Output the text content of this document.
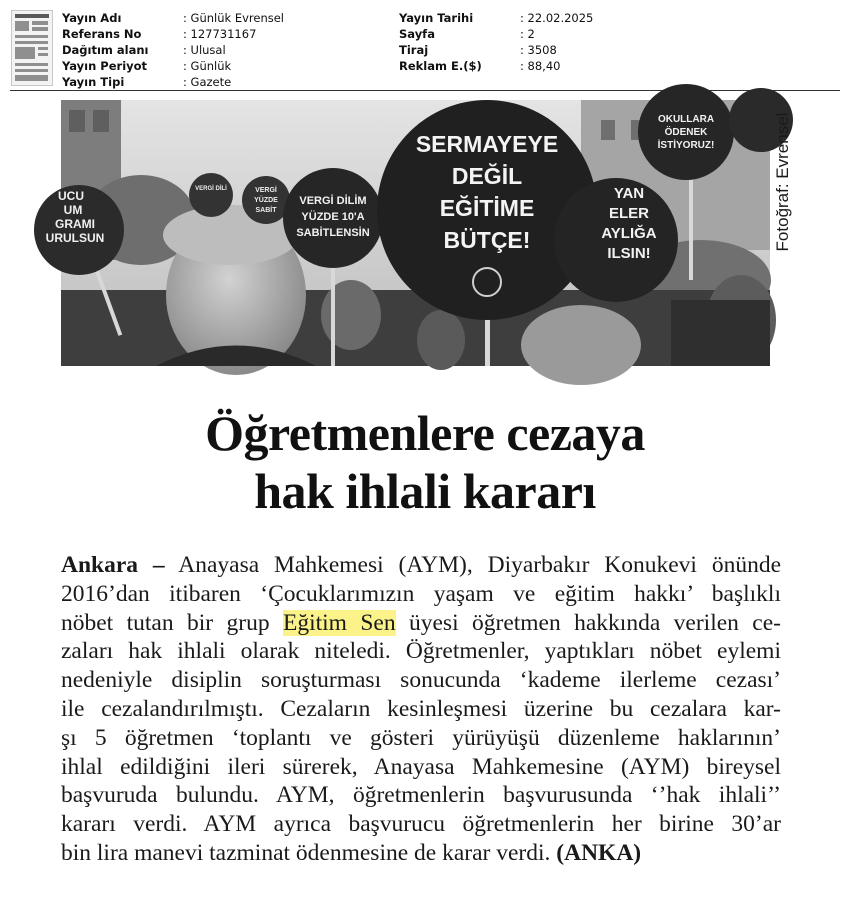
Yayın Adı	: Günlük Evrensel
Referans No	: 127731167
Dağıtım alanı	: Ulusal
Yayın Periyot	: Günlük
Yayın Tipi	: Gazete
Yayın Tarihi	: 22.02.2025
Sayfa	: 2
Tiraj	: 3508
Reklam E.($)	: 88,40
UCU
UM
GRAMI
URULSUN
VERGİ DİLİ	VERGİ
YÜZDE
SABİT
VERGİ DİLİM
YÜZDE 10'A
SABİTLENSİN
SERMAYEYE
DEĞİL
EĞİTİME
BÜTÇE!
YAN
ELER
AYLIĞA
ILSIN!
OKULLARA
ÖDENEK
İSTİYORUZ!	Fotoğraf: Evrensel
Öğretmenlere cezaya
hak ihlali kararı
Ankara – Anayasa Mahkemesi (AYM), Diyarbakır Konukevi önünde
2016’dan itibaren ‘Çocuklarımızın yaşam ve eğitim hakkı’ başlıklı
nöbet tutan bir grup Eğitim Sen üyesi öğretmen hakkında verilen ce-
zaları hak ihlali olarak niteledi. Öğretmenler, yaptıkları nöbet eylemi
nedeniyle disiplin soruşturması sonucunda ‘kademe ilerleme cezası’
ile cezalandırılmıştı. Cezaların kesinleşmesi üzerine bu cezalara kar-
şı 5 öğretmen ‘toplantı ve gösteri yürüyüşü düzenleme haklarının’
ihlal edildiğini ileri sürerek, Anayasa Mahkemesine (AYM) bireysel
başvuruda bulundu. AYM, öğretmenlerin başvurusunda ‘’hak ihlali’’
kararı verdi. AYM ayrıca başvurucu öğretmenlerin her birine 30’ar
bin lira manevi tazminat ödenmesine de karar verdi. (ANKA)
